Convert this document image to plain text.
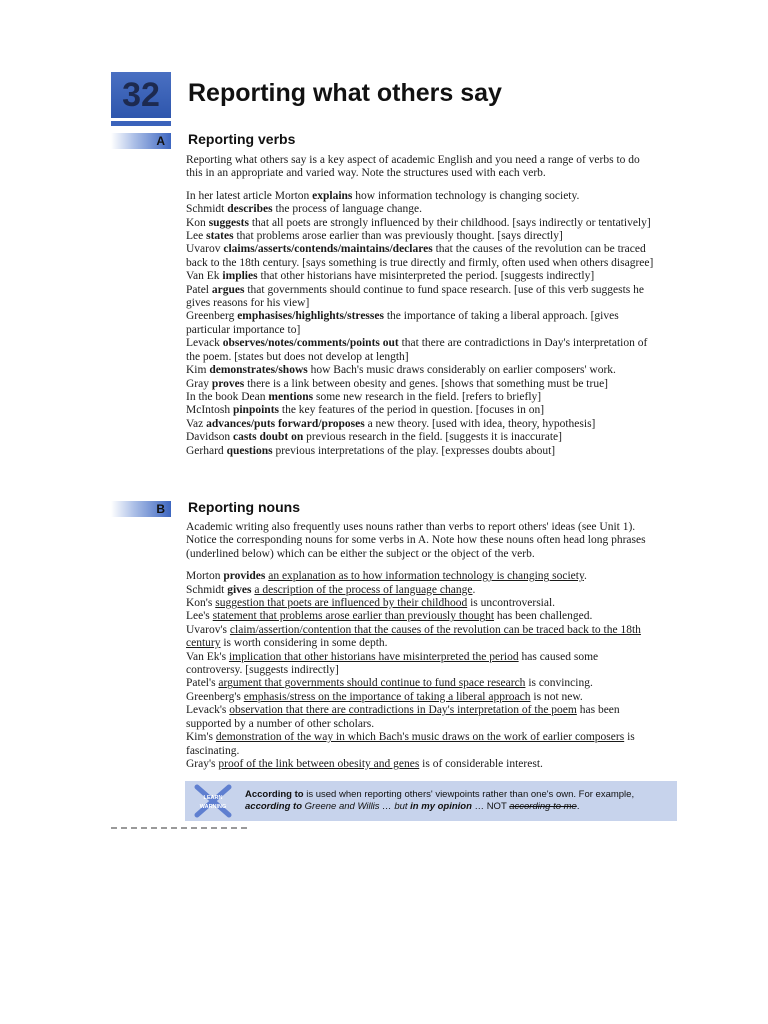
32 Reporting what others say
A	Reporting verbs

Reporting what others say is a key aspect of academic English and you need a range of verbs to do this in an appropriate and varied way. Note the structures used with each verb.

In her latest article Morton explains how information technology is changing society.

Schmidt describes the process of language change.

Kon suggests that all poets are strongly influenced by their childhood. [says indirectly or tentatively]

Lee states that problems arose earlier than was previously thought. [says directly]

Uvarov claims/asserts/contends/maintains/declares that the causes of the revolution can be traced back to the 18th century. [says something is true directly and firmly, often used when others disagree]

Van Ek implies that other historians have misinterpreted the period. [suggests indirectly]

Patel argues that governments should continue to fund space research. [use of this verb suggests he gives reasons for his view]

Greenberg emphasises/highlights/stresses the importance of taking a liberal approach. [gives particular importance to]

Levack observes/notes/comments/points out that there are contradictions in Day's interpretation of the poem. [states but does not develop at length]

Kim demonstrates/shows how Bach's music draws considerably on earlier composers' work.

Gray proves there is a link between obesity and genes. [shows that something must be true]

In the book Dean mentions some new research in the field. [refers to briefly]

McIntosh pinpoints the key features of the period in question. [focuses in on]

Vaz advances/puts forward/proposes a new theory. [used with idea, theory, hypothesis]

Davidson casts doubt on previous research in the field. [suggests it is inaccurate]

Gerhard questions previous interpretations of the play. [expresses doubts about]

B	Reporting nouns

Academic writing also frequently uses nouns rather than verbs to report others' ideas (see Unit 1). Notice the corresponding nouns for some verbs in A. Note how these nouns often head long phrases (underlined below) which can be either the subject or the object of the verb.

Morton provides an explanation as to how information technology is changing society.

Schmidt gives a description of the process of language change.

Kon's suggestion that poets are influenced by their childhood is uncontroversial.

Lee's statement that problems arose earlier than previously thought has been challenged.

Uvarov's claim/assertion/contention that the causes of the revolution can be traced back to the 18th century is worth considering in some depth.

Van Ek's implication that other historians have misinterpreted the period has caused some controversy. [suggests indirectly]

Patel's argument that governments should continue to fund space research is convincing.

Greenberg's emphasis/stress on the importance of taking a liberal approach is not new.

Levack's observation that there are contradictions in Day's interpretation of the poem has been supported by a number of other scholars.

Kim's demonstration of the way in which Bach's music draws on the work of earlier composers is fascinating.

Gray's proof of the link between obesity and genes is of considerable interest.

LEARN
WARNING
According to is used when reporting others' viewpoints rather than one's own. For example, according to Greene and Willis … but in my opinion … NOT according to me.
